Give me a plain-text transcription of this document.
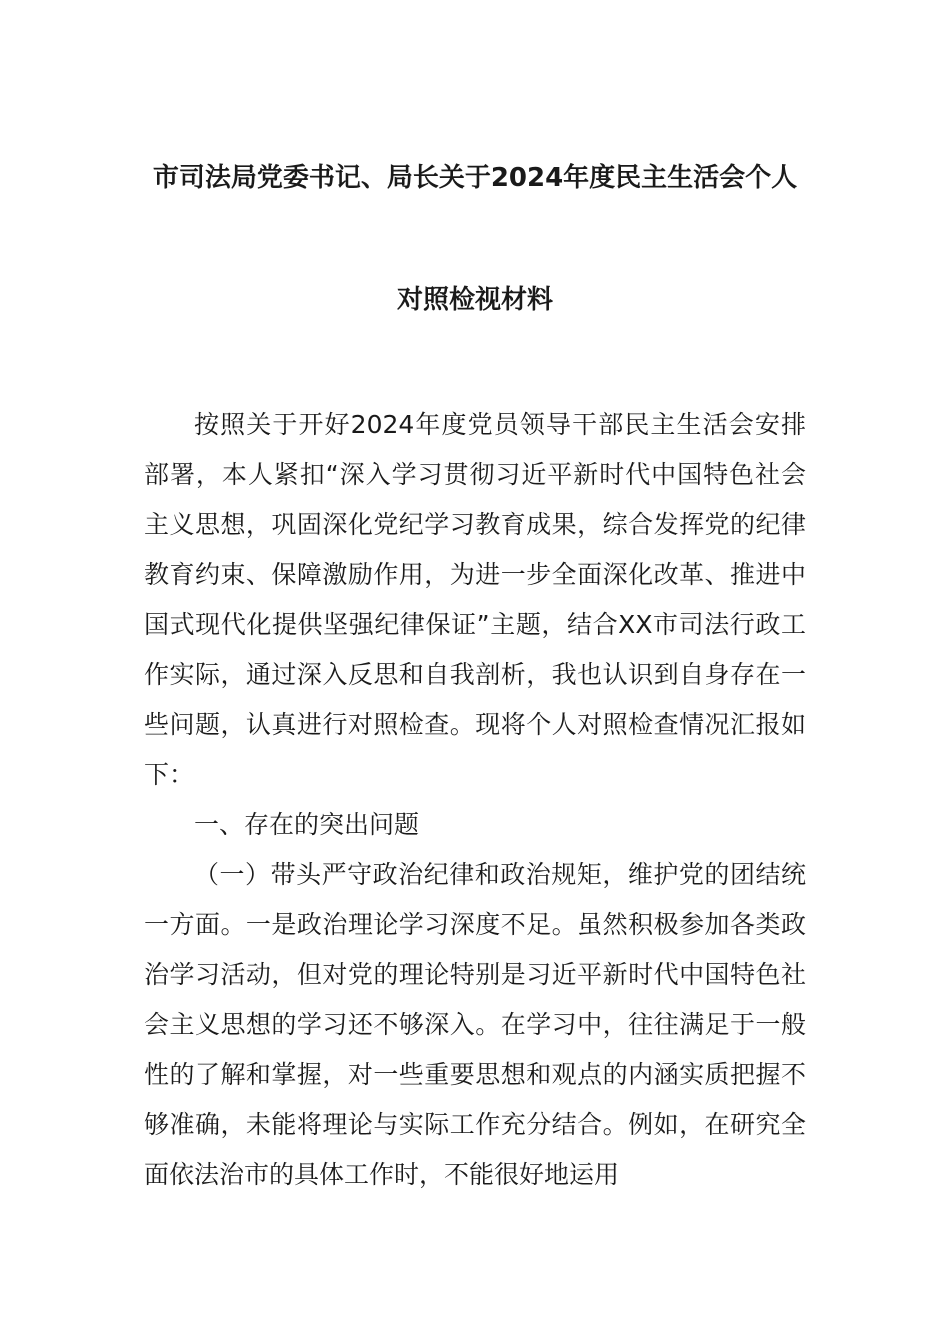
市司法局党委书记、局长关于2024年度民主生活会个人
对照检视材料

按照关于开好2024年度党员领导干部民主生活会安排部署，本人紧扣“深入学习贯彻习近平新时代中国特色社会主义思想，巩固深化党纪学习教育成果，综合发挥党的纪律教育约束、保障激励作用，为进一步全面深化改革、推进中国式现代化提供坚强纪律保证”主题，结合XX市司法行政工作实际，通过深入反思和自我剖析，我也认识到自身存在一些问题，认真进行对照检查。现将个人对照检查情况汇报如下：

一、存在的突出问题

（一）带头严守政治纪律和政治规矩，维护党的团结统一方面。一是政治理论学习深度不足。虽然积极参加各类政治学习活动，但对党的理论特别是习近平新时代中国特色社会主义思想的学习还不够深入。在学习中，往往满足于一般性的了解和掌握，对一些重要思想和观点的内涵实质把握不够准确，未能将理论与实际工作充分结合。例如，在研究全面依法治市的具体工作时，不能很好地运用
